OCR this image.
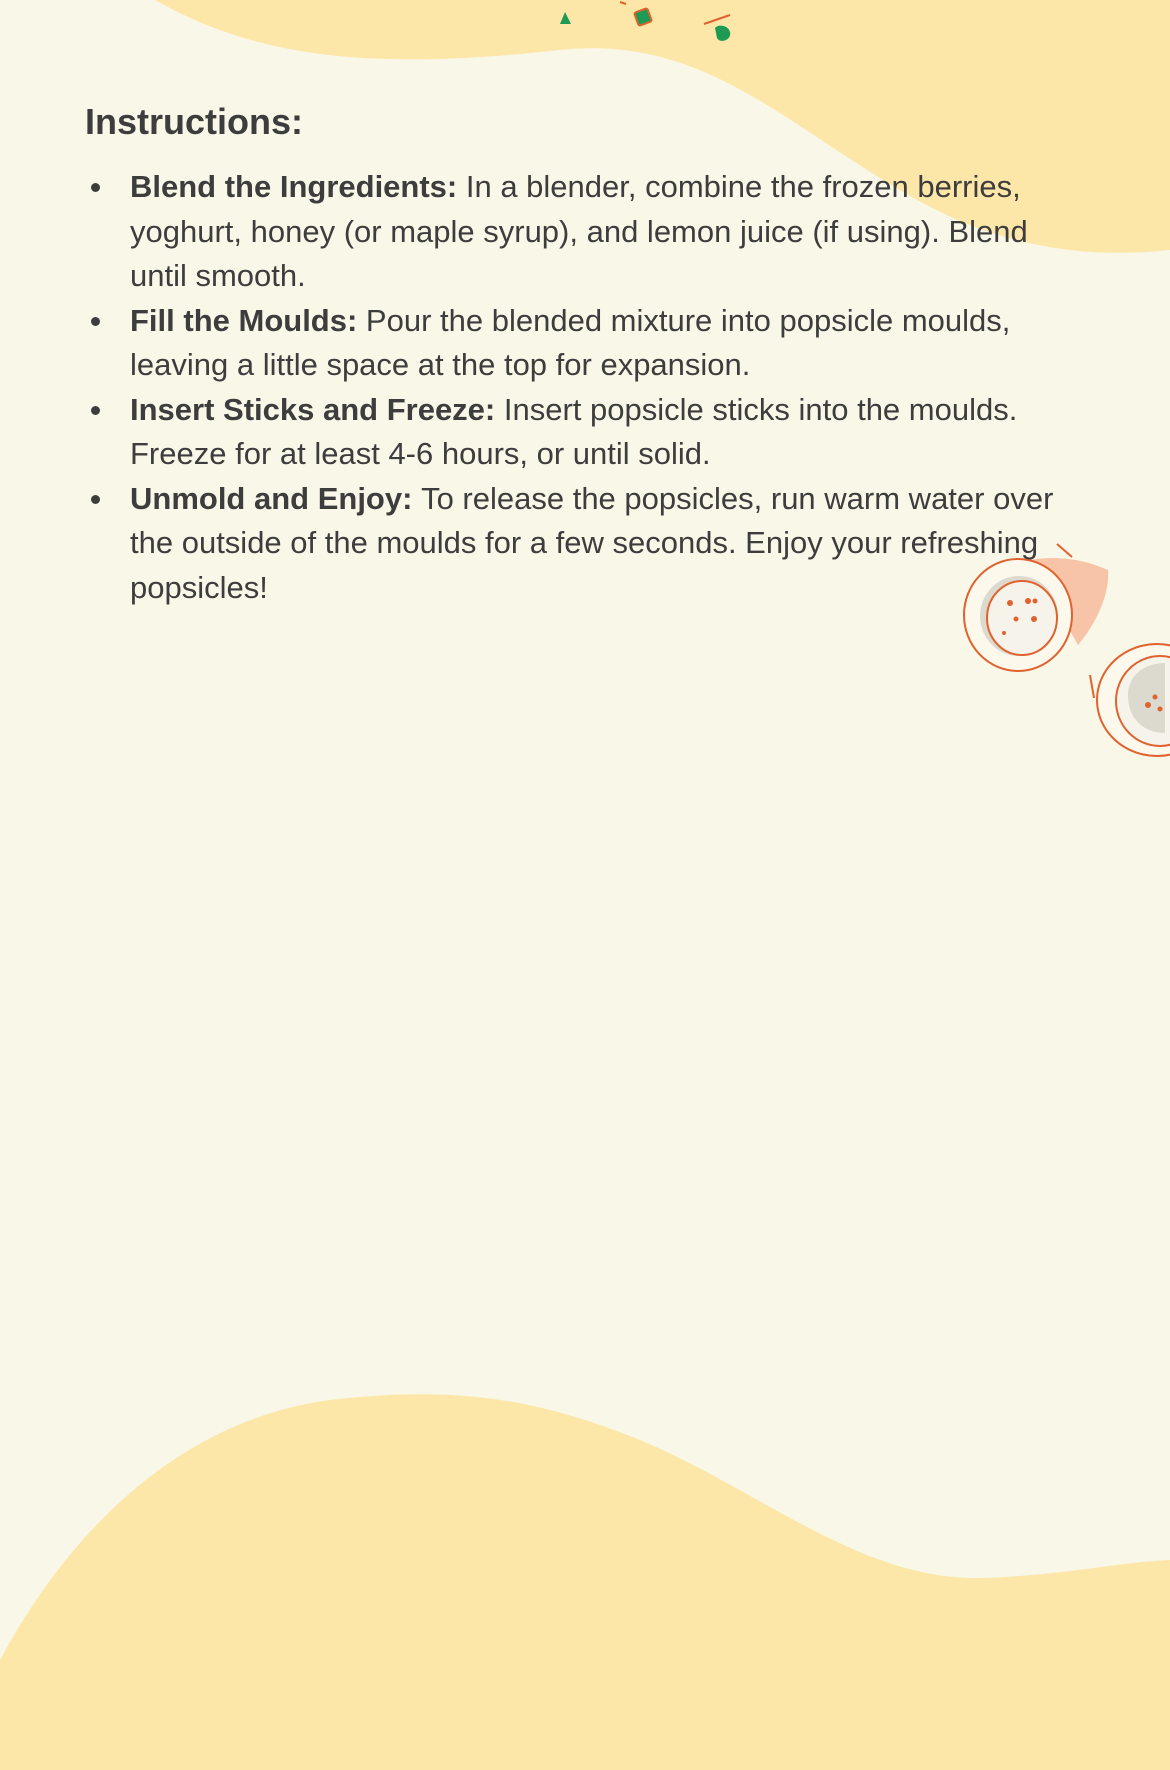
Instructions:
Blend the Ingredients: In a blender, combine the frozen berries, yoghurt, honey (or maple syrup), and lemon juice (if using). Blend until smooth.
Fill the Moulds: Pour the blended mixture into popsicle moulds, leaving a little space at the top for expansion.
Insert Sticks and Freeze: Insert popsicle sticks into the moulds. Freeze for at least 4-6 hours, or until solid.
Unmold and Enjoy: To release the popsicles, run warm water over the outside of the moulds for a few seconds. Enjoy your refreshing popsicles!
